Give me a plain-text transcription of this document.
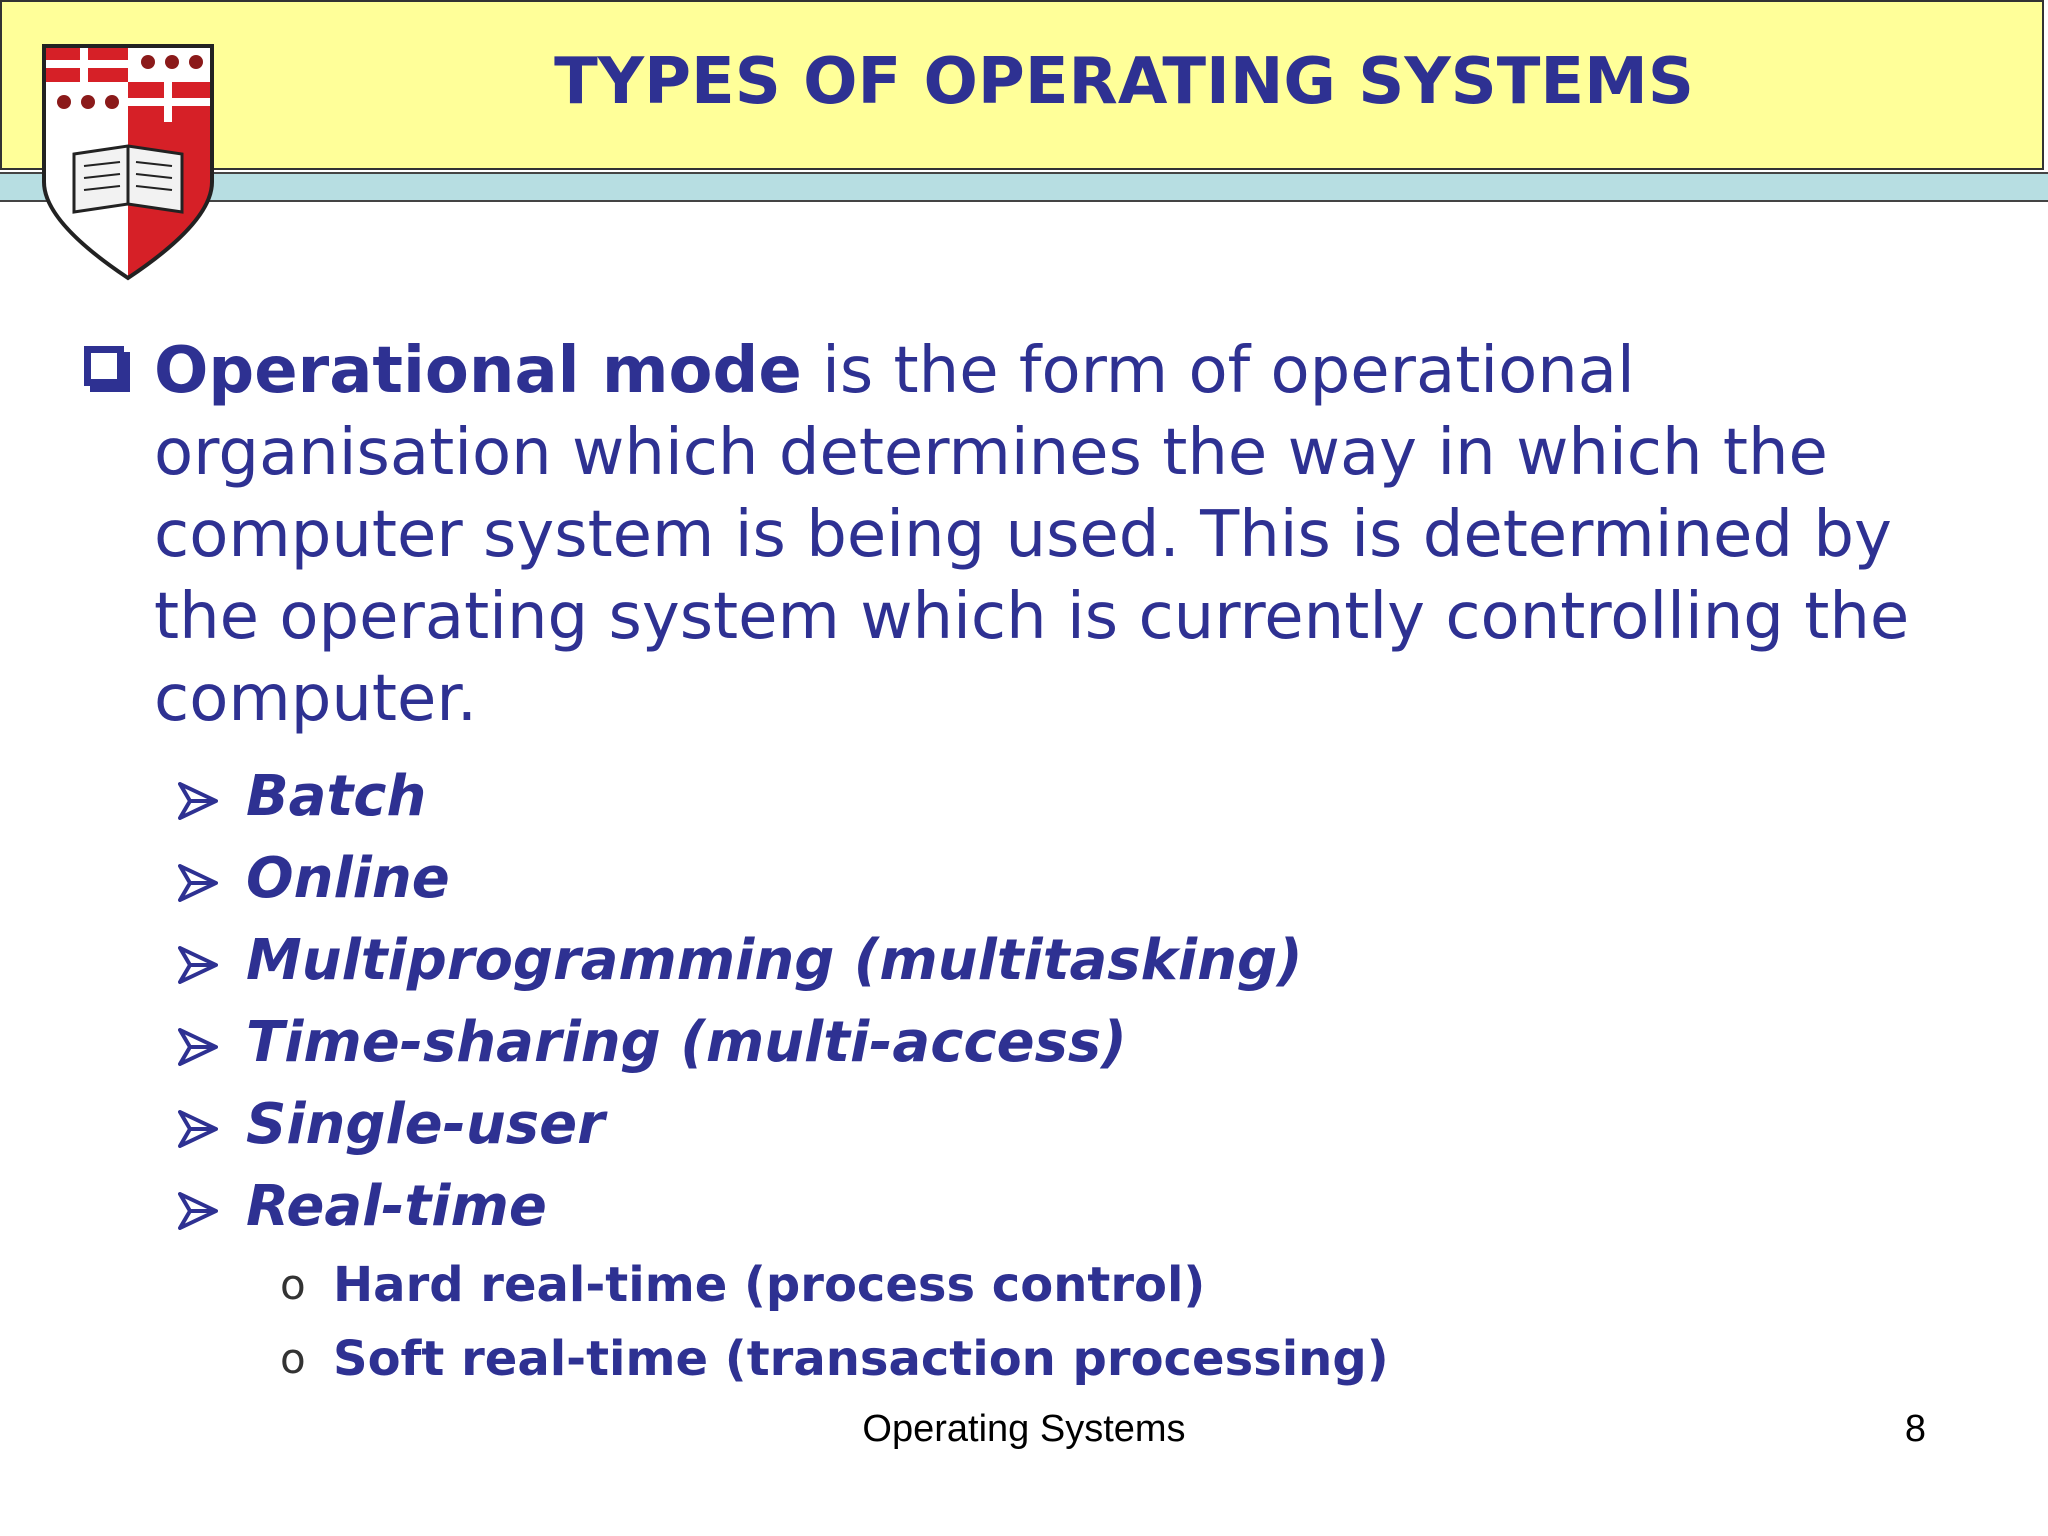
TYPES OF OPERATING SYSTEMS

Operational mode is the form of operational organisation which determines the way in which the computer system is being used. This is determined by the operating system which is currently controlling the computer.

Batch
Online
Multiprogramming (multitasking)
Time-sharing (multi-access)
Single-user
Real-time
o Hard real-time (process control)
o Soft real-time (transaction processing)
Operating Systems	8
